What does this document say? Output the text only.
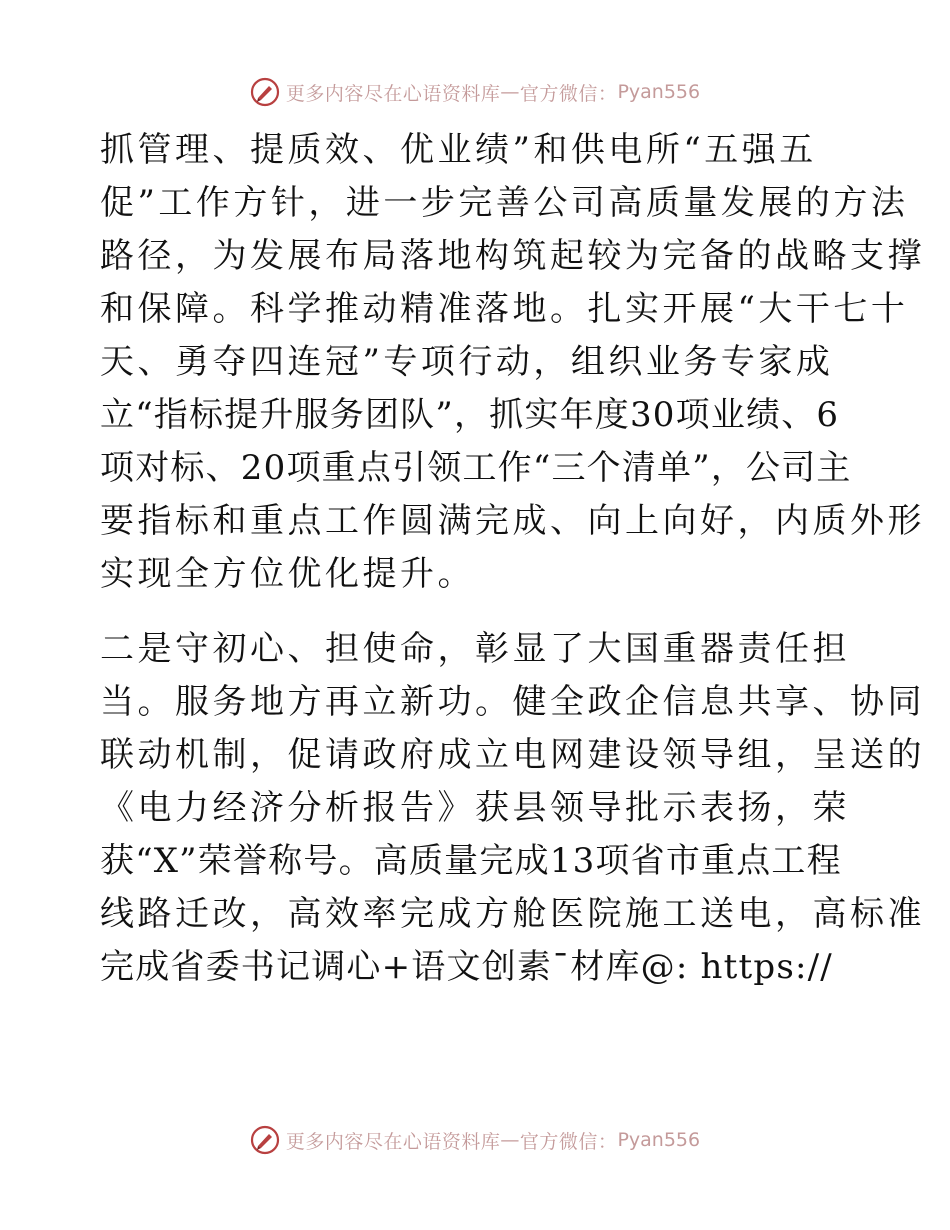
更多内容尽在心语资料库 — 官方微信： Pyan556
抓管理、提质效、优业绩”和供电所“五强五
促”工作方针，进一步完善公司高质量发展的方法
路径，为发展布局落地构筑起较为完备的战略支撑
和保障。科学推动精准落地。扎实开展“大干七十
天、勇夺四连冠”专项行动，组织业务专家成
立“指标提升服务团队”，抓实年度30项业绩、6
项对标、20项重点引领工作“三个清单”，公司主
要指标和重点工作圆满完成、向上向好，内质外形
实现全方位优化提升。
二是守初心、担使命，彰显了大国重器责任担
当。服务地方再立新功。健全政企信息共享、协同
联动机制，促请政府成立电网建设领导组，呈送的
《电力经济分析报告》获县领导批示表扬，荣
获“X”荣誉称号。高质量完成13项省市重点工程
线路迁改，高效率完成方舱医院施工送电，高标准
完成省委书记调心+语文创素¯材库@: https://
更多内容尽在心语资料库 — 官方微信： Pyan556
